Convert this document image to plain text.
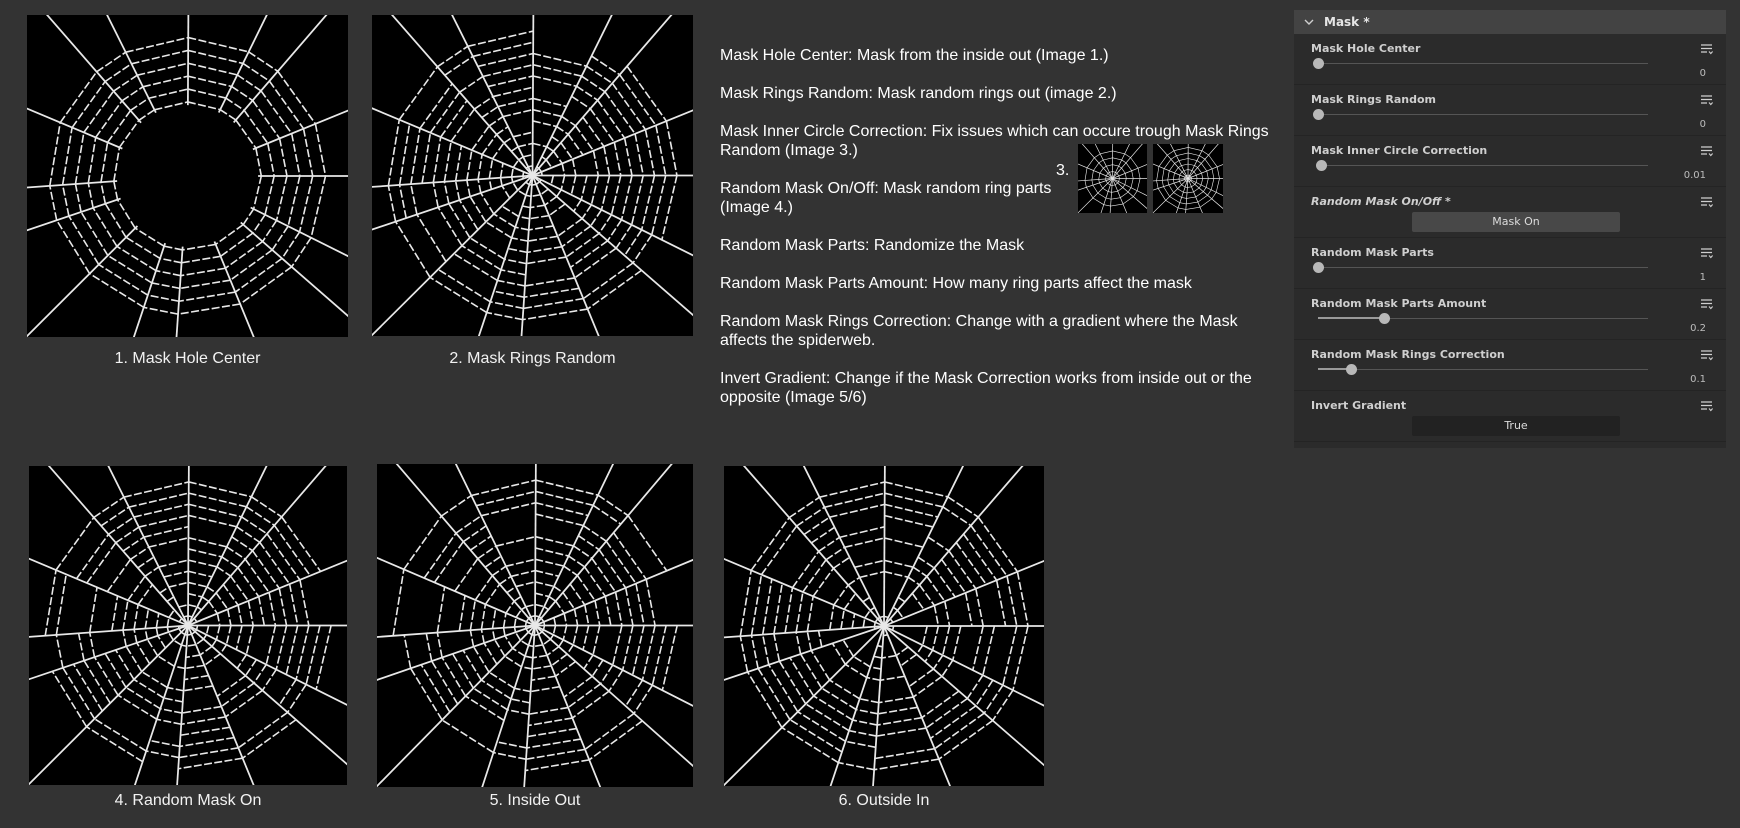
1. Mask Hole Center	2. Mask Rings Random

Mask Hole Center: Mask from the inside out (Image 1.)

Mask Rings Random: Mask random rings out (image 2.)

Mask Inner Circle Correction: Fix issues which can occure trough Mask Rings Random (Image 3.)

Random Mask On/Off: Mask random ring parts (Image 4.)

Random Mask Parts: Randomize the Mask

Random Mask Parts Amount: How many ring parts affect the mask

Random Mask Rings Correction: Change with a gradient where the Mask affects the spiderweb.

Invert Gradient: Change if the Mask Correction works from inside out or the opposite (Image 5/6)

3.
4. Random Mask On	5. Inside Out	6. Outside In
Mask *
Mask Hole Center
0
Mask Rings Random
0
Mask Inner Circle Correction
0.01
Random Mask On/Off *
Mask On
Random Mask Parts
1
Random Mask Parts Amount
0.2
Random Mask Rings Correction
0.1
Invert Gradient
True
